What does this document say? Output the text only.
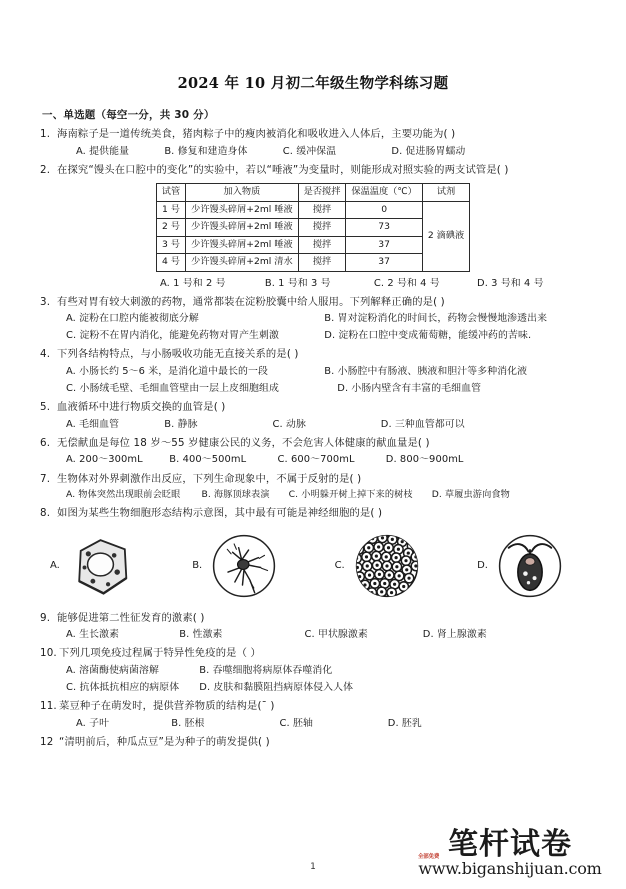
2024 年 10 月初二年级生物学科练习题
一、单选题（每空一分，共 30 分）
1. 海南粽子是一道传统美食，猪肉粽子中的瘦肉被消化和吸收进入人体后，主要功能为( )
A. 提供能量	B. 修复和建造身体	C. 缓冲保温	D. 促进肠胃蠕动
2. 在探究“馒头在口腔中的变化”的实验中，若以“唾液”为变量时，则能形成对照实验的两支试管是( )
试管	加入物质	是否搅拌	保温温度（℃）	试剂
1 号	少许馒头碎屑+2ml 唾液	搅拌	0	2 滴碘液
2 号	少许馒头碎屑+2ml 唾液	搅拌	73	
3 号	少许馒头碎屑+2ml 唾液	搅拌	37	
4 号	少许馒头碎屑+2ml 清水	搅拌	37	
A. 1 号和 2 号	B. 1 号和 3 号	C. 2 号和 4 号	D. 3 号和 4 号
3. 有些对胃有较大刺激的药物，通常都装在淀粉胶囊中给人服用。下列解释正确的是( )
A. 淀粉在口腔内能被彻底分解	B. 胃对淀粉消化的时间长，药物会慢慢地渗透出来
C. 淀粉不在胃内消化，能避免药物对胃产生刺激	D. 淀粉在口腔中变成葡萄糖，能缓冲药的苦味.
4. 下列各结构特点，与小肠吸收功能无直接关系的是( )
A. 小肠长约 5～6 米，是消化道中最长的一段	B. 小肠腔中有肠液、胰液和胆汁等多种消化液
C. 小肠绒毛壁、毛细血管壁由一层上皮细胞组成	D. 小肠内壁含有丰富的毛细血管
5. 血液循环中进行物质交换的血管是( )
A. 毛细血管	B. 静脉	C. 动脉	D. 三种血管都可以
6. 无偿献血是每位 18 岁～55 岁健康公民的义务，不会危害人体健康的献血量是( )
A. 200～300mL	B. 400～500mL	C. 600～700mL	D. 800～900mL
7. 生物体对外界刺激作出反应，下列生命现象中，不属于反射的是( )
A. 物体突然出现眼前会眨眼 B. 海豚顶球表演 C. 小明躲开树上掉下来的树枝 D. 草履虫游向食物
8. 如图为某些生物细胞形态结构示意图，其中最有可能是神经细胞的是( )
A.	B.	C.	D.
9. 能够促进第二性征发育的激素( )
A. 生长激素	B. 性激素	C. 甲状腺激素	D. 肾上腺激素
10. 下列几项免疫过程属于特异性免疫的是（ ）
A. 溶菌酶使病菌溶解	B. 吞噬细胞将病原体吞噬消化
C. 抗体抵抗相应的病原体 D. 皮肤和黏膜阻挡病原体侵入人体
11. 菜豆种子在萌发时，提供营养物质的结构是(¯ )
A. 子叶	B. 胚根	C. 胚轴	D. 胚乳
12 “清明前后，种瓜点豆”是为种子的萌发提供( )
1
笔杆试卷
www.biganshijuan.com
全部免费
